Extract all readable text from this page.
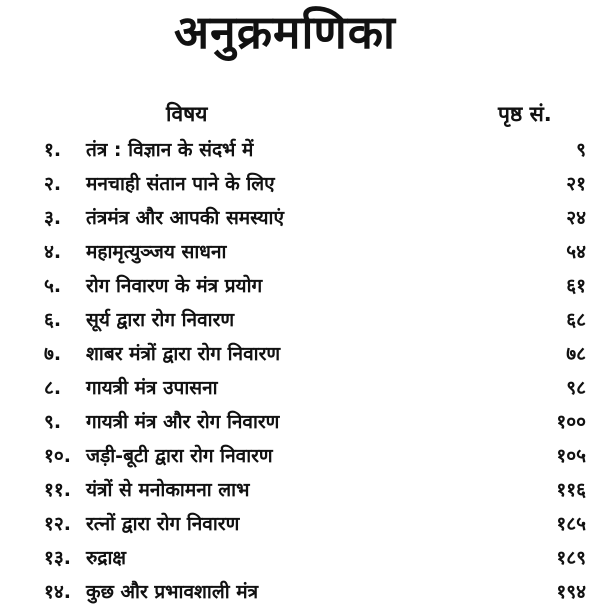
अनुक्रमणिका
विषय	पृष्ठ सं.
१. तंत्र : विज्ञान के संदर्भ में	९
२. मनचाही संतान पाने के लिए	२१
३. तंत्रमंत्र और आपकी समस्याएं	२४
४. महामृत्युञ्जय साधना	५४
५. रोग निवारण के मंत्र प्रयोग	६१
६. सूर्य द्वारा रोग निवारण	६८
७. शाबर मंत्रों द्वारा रोग निवारण	७८
८. गायत्री मंत्र उपासना	९८
९. गायत्री मंत्र और रोग निवारण	१००
१०. जड़ी-बूटी द्वारा रोग निवारण	१०५
११. यंत्रों से मनोकामना लाभ	११६
१२. रत्नों द्वारा रोग निवारण	१८५
१३. रुद्राक्ष	१८९
१४. कुछ और प्रभावशाली मंत्र	१९४
